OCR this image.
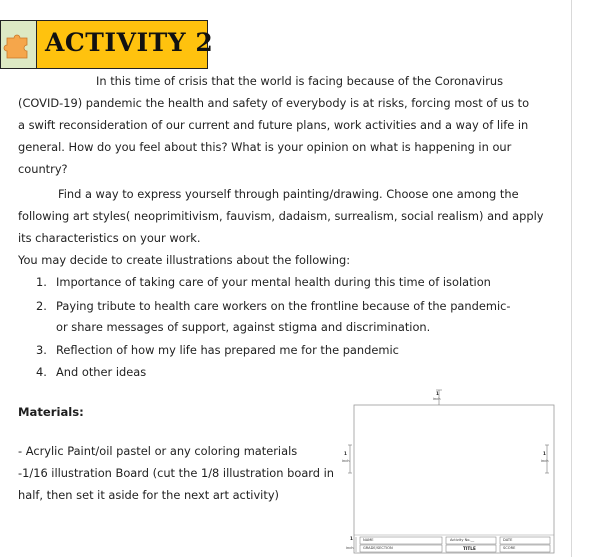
ACTIVITY 2
In this time of crisis that the world is facing because of the Coronavirus
(COVID-19) pandemic the health and safety of everybody is at risks, forcing most of us to
a swift reconsideration of our current and future plans, work activities and a way of life in
general. How do you feel about this? What is your opinion on what is happening in our
country?
Find a way to express yourself through painting/drawing. Choose one among the
following art styles( neoprimitivism, fauvism, dadaism, surrealism, social realism) and apply
its characteristics on your work.
You may decide to create illustrations about the following:
1. Importance of taking care of your mental health during this time of isolation
2. Paying tribute to health care workers on the frontline because of the pandemic-
or share messages of support, against stigma and discrimination.
3. Reflection of how my life has prepared me for the pandemic
4. And other ideas
Materials:
- Acrylic Paint/oil pastel or any coloring materials
-1/16 illustration Board (cut the 1/8 illustration board in
half, then set it aside for the next art activity)
1
inch
1
inch
1
inch
1
inch
NAME
GRADE/SECTION
Activity No.__
TITLE
DATE
SCORE
